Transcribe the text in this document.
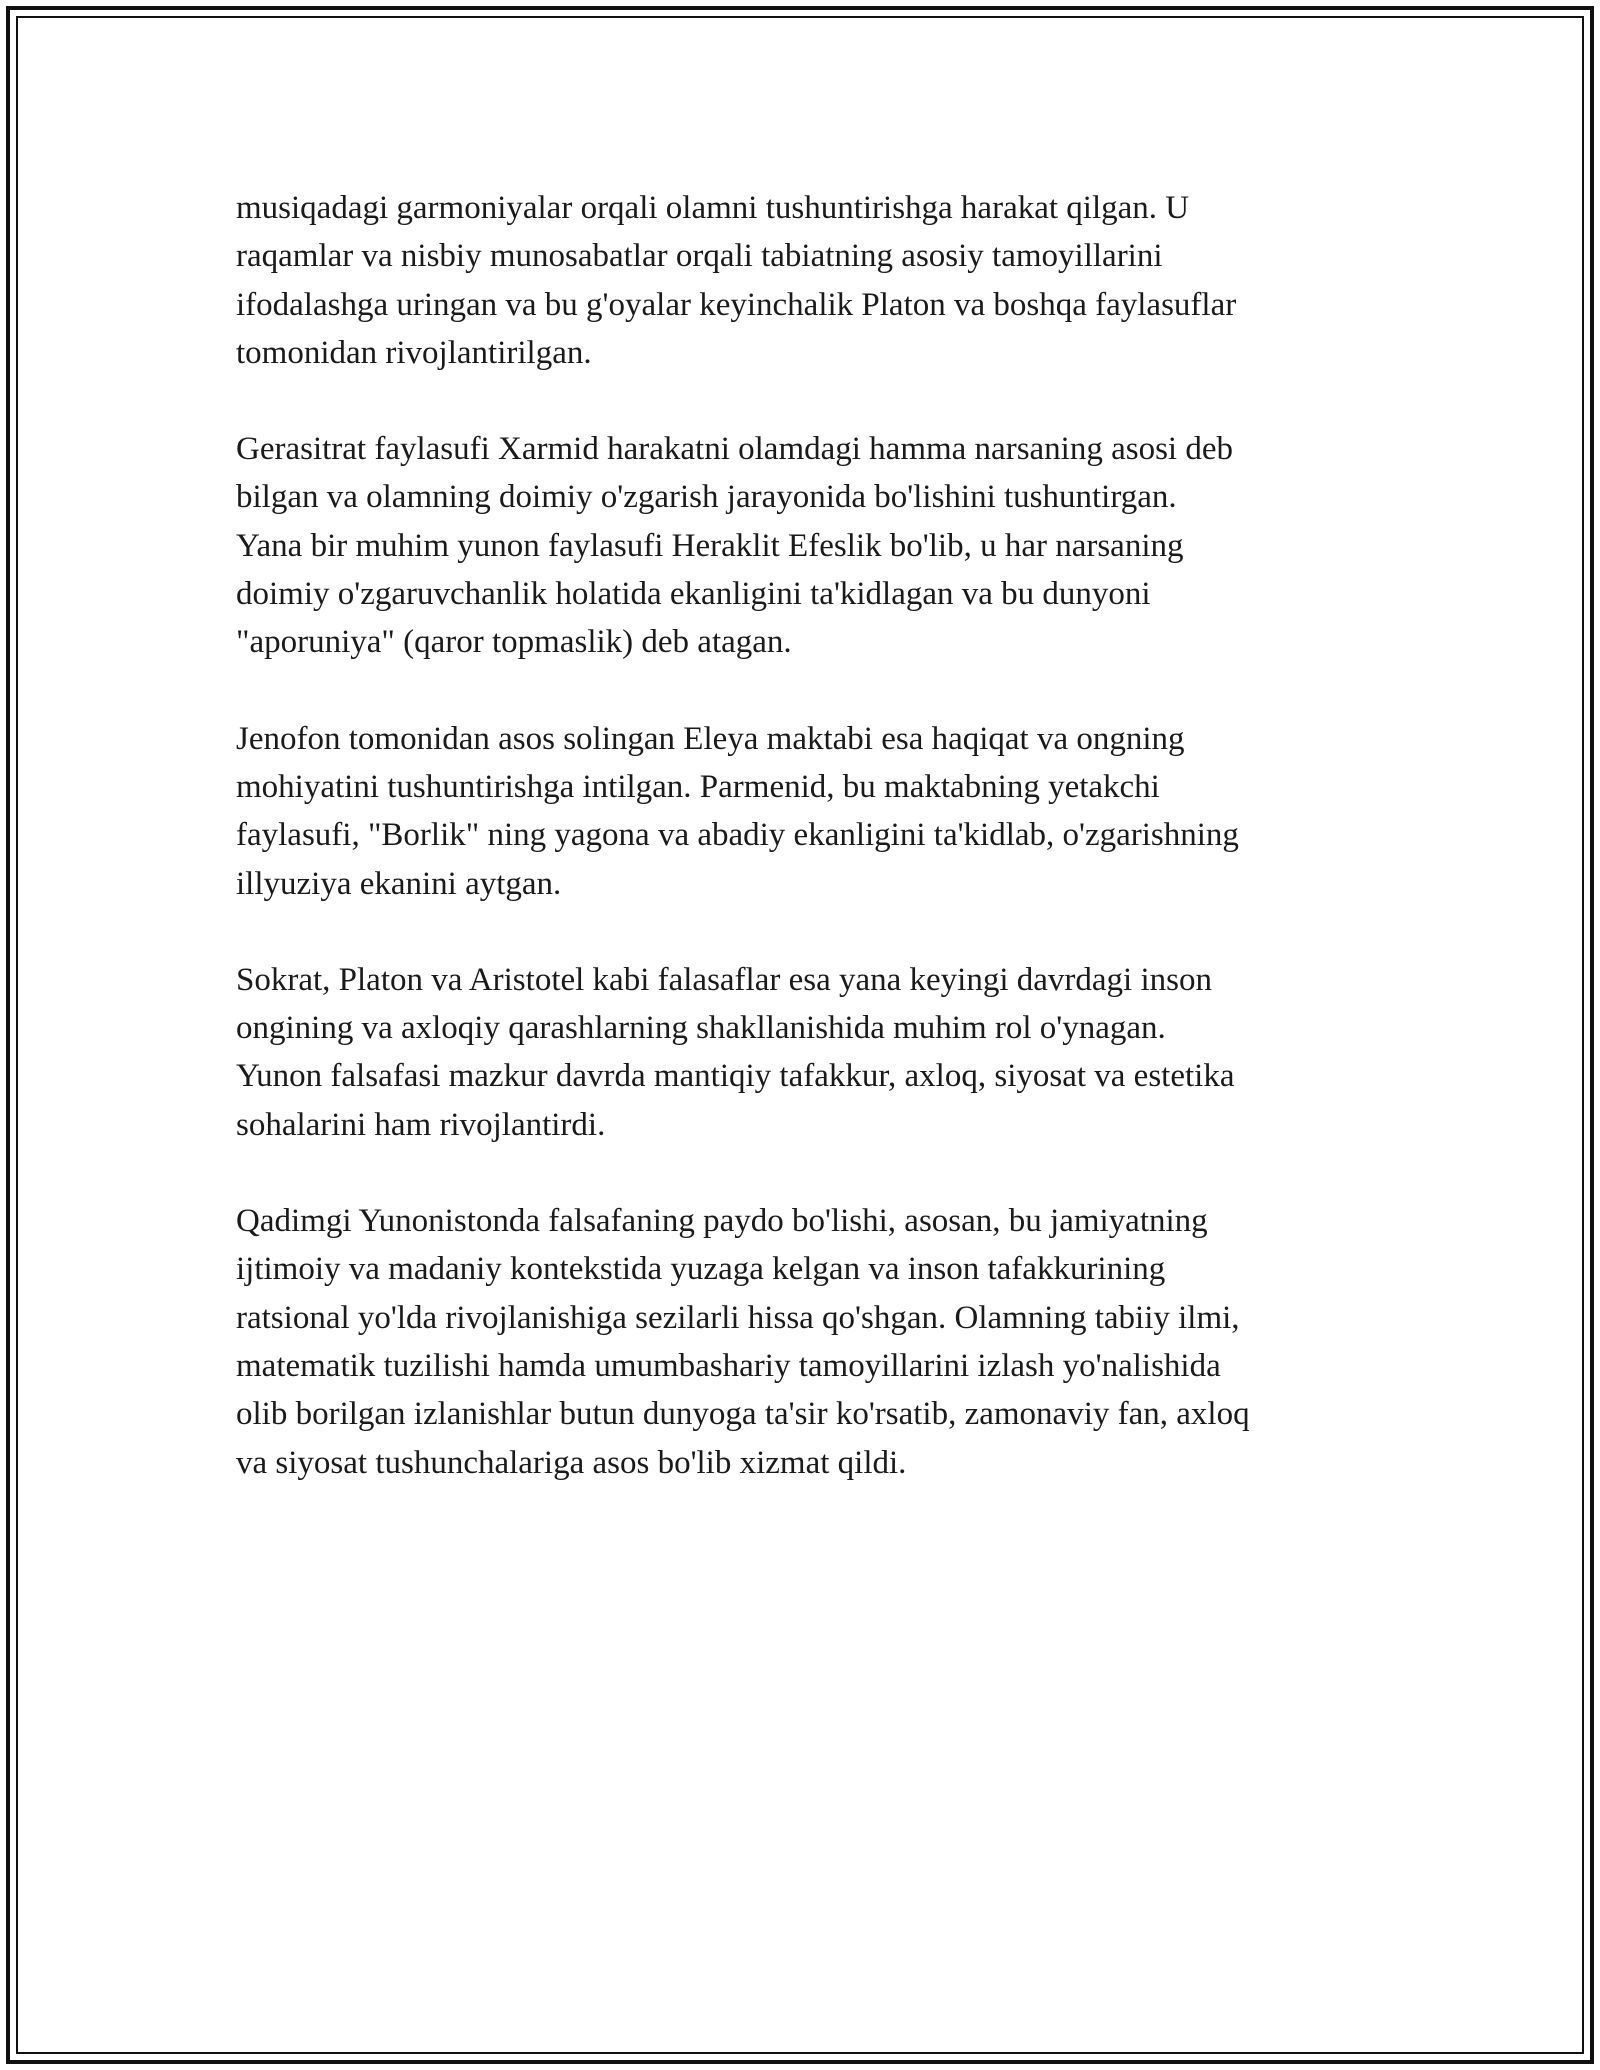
musiqadagi garmoniyalar orqali olamni tushuntirishga harakat qilgan. U
raqamlar va nisbiy munosabatlar orqali tabiatning asosiy tamoyillarini
ifodalashga uringan va bu g'oyalar keyinchalik Platon va boshqa faylasuflar
tomonidan rivojlantirilgan.

Gerasitrat faylasufi Xarmid harakatni olamdagi hamma narsaning asosi deb
bilgan va olamning doimiy o'zgarish jarayonida bo'lishini tushuntirgan.
Yana bir muhim yunon faylasufi Heraklit Efeslik bo'lib, u har narsaning
doimiy o'zgaruvchanlik holatida ekanligini ta'kidlagan va bu dunyoni
"aporuniya" (qaror topmaslik) deb atagan.

Jenofon tomonidan asos solingan Eleya maktabi esa haqiqat va ongning
mohiyatini tushuntirishga intilgan. Parmenid, bu maktabning yetakchi
faylasufi, "Borlik" ning yagona va abadiy ekanligini ta'kidlab, o'zgarishning
illyuziya ekanini aytgan.

Sokrat, Platon va Aristotel kabi falasaflar esa yana keyingi davrdagi inson
ongining va axloqiy qarashlarning shakllanishida muhim rol o'ynagan.
Yunon falsafasi mazkur davrda mantiqiy tafakkur, axloq, siyosat va estetika
sohalarini ham rivojlantirdi.

Qadimgi Yunonistonda falsafaning paydo bo'lishi, asosan, bu jamiyatning
ijtimoiy va madaniy kontekstida yuzaga kelgan va inson tafakkurining
ratsional yo'lda rivojlanishiga sezilarli hissa qo'shgan. Olamning tabiiy ilmi,
matematik tuzilishi hamda umumbashariy tamoyillarini izlash yo'nalishida
olib borilgan izlanishlar butun dunyoga ta'sir ko'rsatib, zamonaviy fan, axloq
va siyosat tushunchalariga asos bo'lib xizmat qildi.
